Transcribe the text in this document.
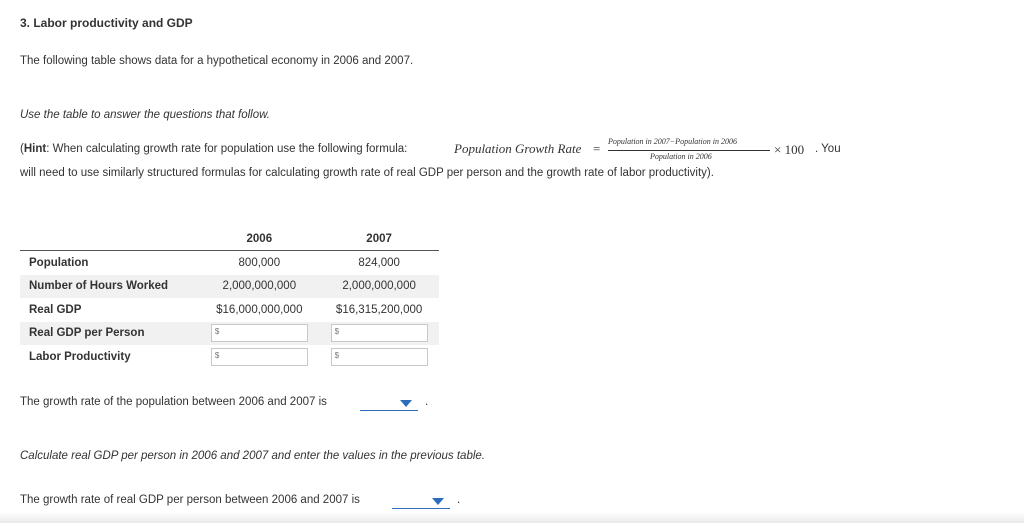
3. Labor productivity and GDP
The following table shows data for a hypothetical economy in 2006 and 2007.
Use the table to answer the questions that follow.
(Hint: When calculating growth rate for population use the following formula:	Population Growth Rate = Population in 2007−Population in 2006
Population in 2006	× 100 . You
will need to use similarly structured formulas for calculating growth rate of real GDP per person and the growth rate of labor productivity).
	2006	2007
Population	800,000	824,000
Number of Hours Worked	2,000,000,000	2,000,000,000
Real GDP	$16,000,000,000	$16,315,200,000
Real GDP per Person	$	$

Labor Productivity	$	$
The growth rate of the population between 2006 and 2007 is	.
Calculate real GDP per person in 2006 and 2007 and enter the values in the previous table.
The growth rate of real GDP per person between 2006 and 2007 is	.
